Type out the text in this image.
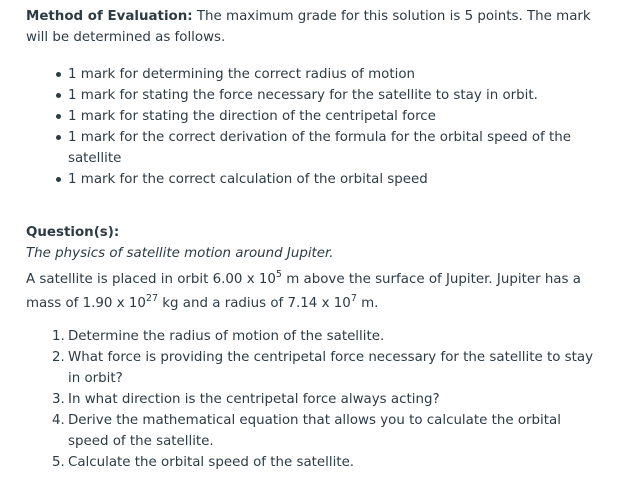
Method of Evaluation: The maximum grade for this solution is 5 points. The mark will be determined as follows.

1 mark for determining the correct radius of motion
1 mark for stating the force necessary for the satellite to stay in orbit.
1 mark for stating the direction of the centripetal force
1 mark for the correct derivation of the formula for the orbital speed of the satellite
1 mark for the correct calculation of the orbital speed

Question(s):

The physics of satellite motion around Jupiter.

A satellite is placed in orbit 6.00 x $10^5$ m above the surface of Jupiter. Jupiter has a mass of 1.90 x $10^{27}$ kg and a radius of 7.14 x $10^7$ m.

1. Determine the radius of motion of the satellite.
2. What force is providing the centripetal force necessary for the satellite to stay in orbit?
3. In what direction is the centripetal force always acting?
4. Derive the mathematical equation that allows you to calculate the orbital speed of the satellite.
5. Calculate the orbital speed of the satellite.
